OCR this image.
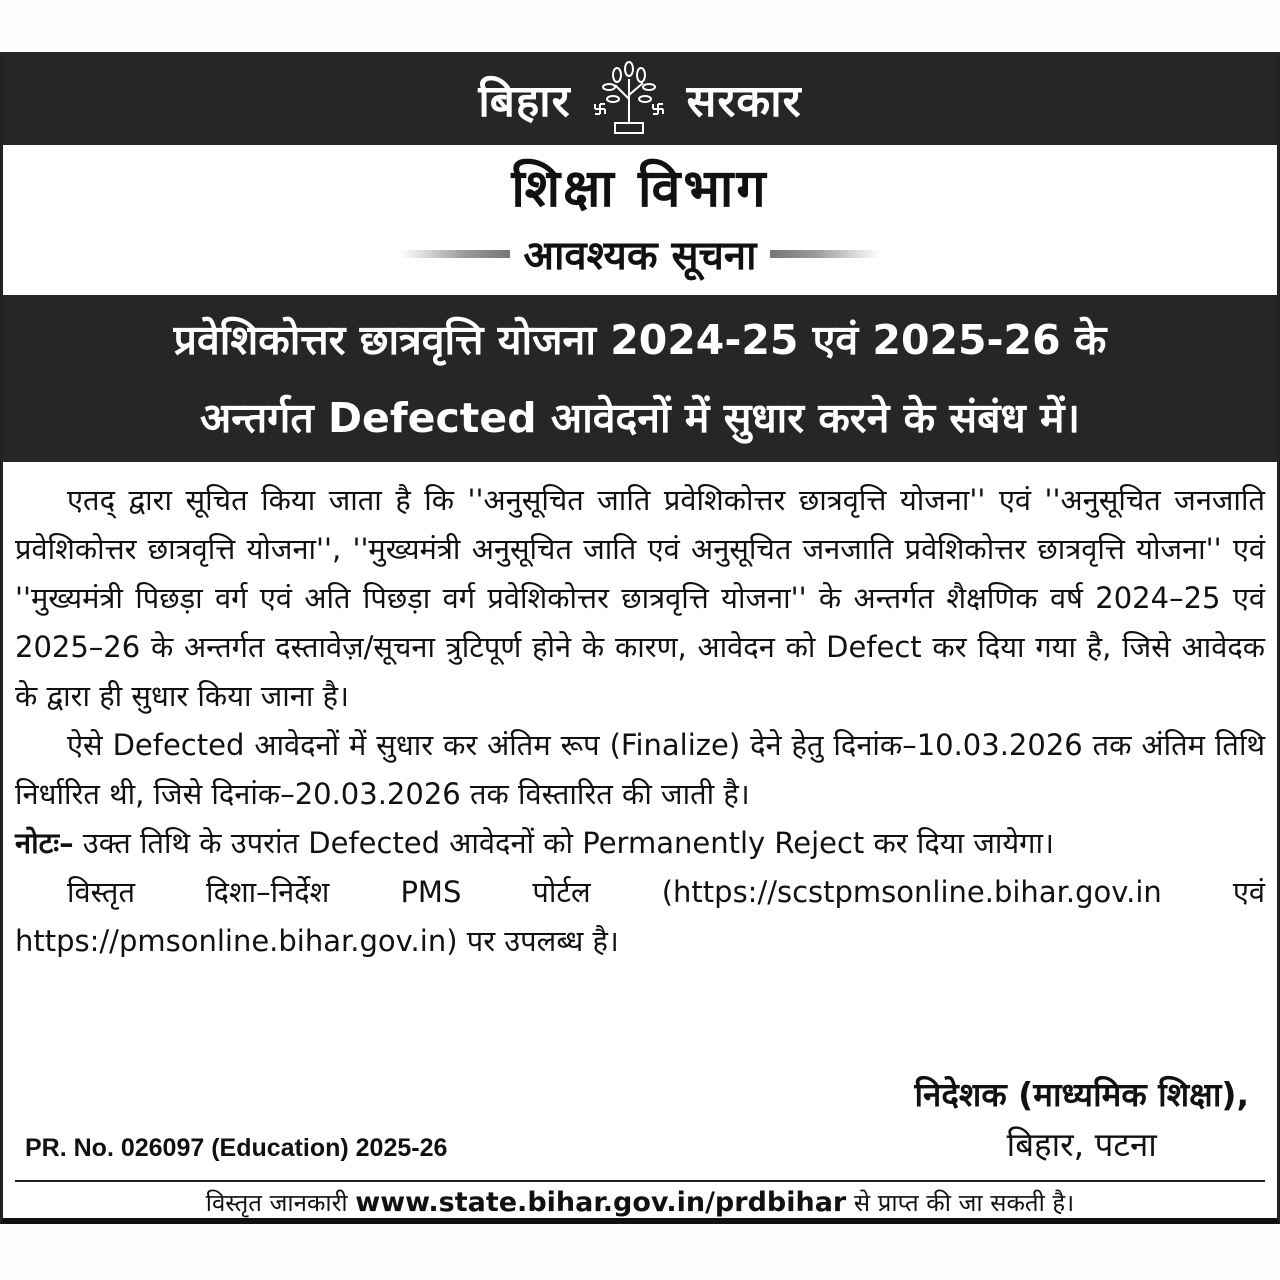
बिहार	सरकार
शिक्षा विभाग
आवश्यक सूचना
प्रवेशिकोत्तर छात्रवृत्ति योजना 2024-25 एवं 2025-26 के
अन्तर्गत Defected आवेदनों में सुधार करने के संबंध में।

एतद् द्वारा सूचित किया जाता है कि ''अनुसूचित जाति प्रवेशिकोत्तर छात्रवृत्ति योजना'' एवं ''अनुसूचित जनजाति प्रवेशिकोत्तर छात्रवृत्ति योजना'', ''मुख्यमंत्री अनुसूचित जाति एवं अनुसूचित जनजाति प्रवेशिकोत्तर छात्रवृत्ति योजना'' एवं ''मुख्यमंत्री पिछड़ा वर्ग एवं अति पिछड़ा वर्ग प्रवेशिकोत्तर छात्रवृत्ति योजना'' के अन्तर्गत शैक्षणिक वर्ष 2024–25 एवं 2025–26 के अन्तर्गत दस्तावेज़/सूचना त्रुटिपूर्ण होने के कारण, आवेदन को Defect कर दिया गया है, जिसे आवेदक के द्वारा ही सुधार किया जाना है।

ऐसे Defected आवेदनों में सुधार कर अंतिम रूप (Finalize) देने हेतु दिनांक–10.03.2026 तक अंतिम तिथि निर्धारित थी, जिसे दिनांक–20.03.2026 तक विस्तारित की जाती है।

नोटः– उक्त तिथि के उपरांत Defected आवेदनों को Permanently Reject कर दिया जायेगा।

विस्तृत दिशा–निर्देश PMS पोर्टल (https://scstpmsonline.bihar.gov.in एवं https://pmsonline.bihar.gov.in) पर उपलब्ध है।

निदेशक (माध्यमिक शिक्षा),
बिहार, पटना
PR. No. 026097 (Education) 2025-26
विस्तृत जानकारी www.state.bihar.gov.in/prdbihar से प्राप्त की जा सकती है।
